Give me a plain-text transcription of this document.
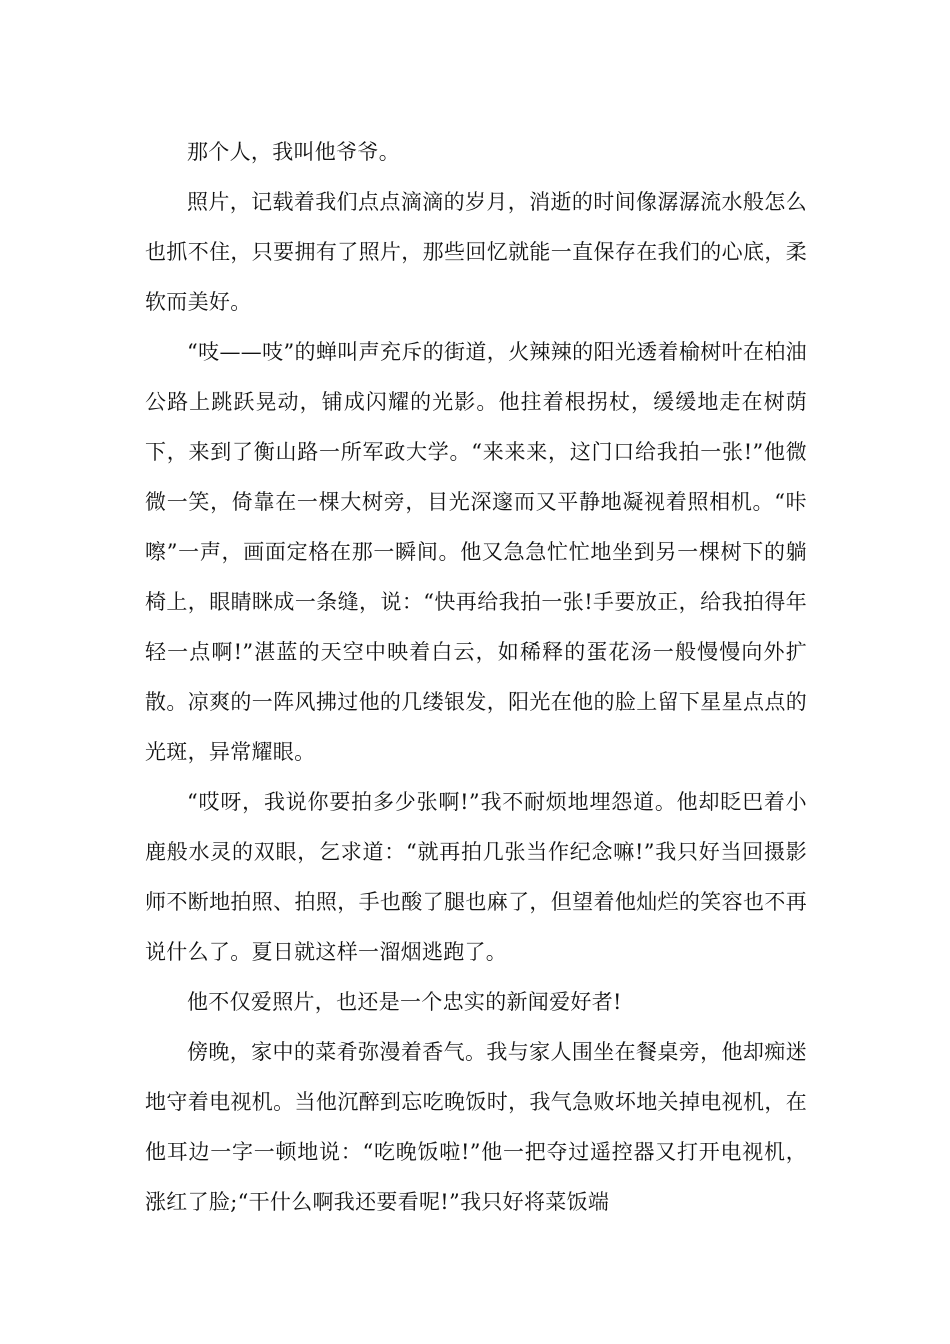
那个人，我叫他爷爷。

照片，记载着我们点点滴滴的岁月，消逝的时间像潺潺流水般怎么也抓不住，只要拥有了照片，那些回忆就能一直保存在我们的心底，柔软而美好。

“吱——吱”的蝉叫声充斥的街道，火辣辣的阳光透着榆树叶在柏油公路上跳跃晃动，铺成闪耀的光影。他拄着根拐杖，缓缓地走在树荫下，来到了衡山路一所军政大学。“来来来，这门口给我拍一张!”他微微一笑，倚靠在一棵大树旁，目光深邃而又平静地凝视着照相机。“咔嚓”一声，画面定格在那一瞬间。他又急急忙忙地坐到另一棵树下的躺椅上，眼睛眯成一条缝，说：“快再给我拍一张!手要放正，给我拍得年轻一点啊!”湛蓝的天空中映着白云，如稀释的蛋花汤一般慢慢向外扩散。凉爽的一阵风拂过他的几缕银发，阳光在他的脸上留下星星点点的光斑，异常耀眼。

“哎呀，我说你要拍多少张啊!”我不耐烦地埋怨道。他却眨巴着小鹿般水灵的双眼，乞求道：“就再拍几张当作纪念嘛!”我只好当回摄影师不断地拍照、拍照，手也酸了腿也麻了，但望着他灿烂的笑容也不再说什么了。夏日就这样一溜烟逃跑了。

他不仅爱照片，也还是一个忠实的新闻爱好者!

傍晚，家中的菜肴弥漫着香气。我与家人围坐在餐桌旁，他却痴迷地守着电视机。当他沉醉到忘吃晚饭时，我气急败坏地关掉电视机，在他耳边一字一顿地说：“吃晚饭啦!”他一把夺过遥控器又打开电视机，涨红了脸;“干什么啊我还要看呢!”我只好将菜饭端
